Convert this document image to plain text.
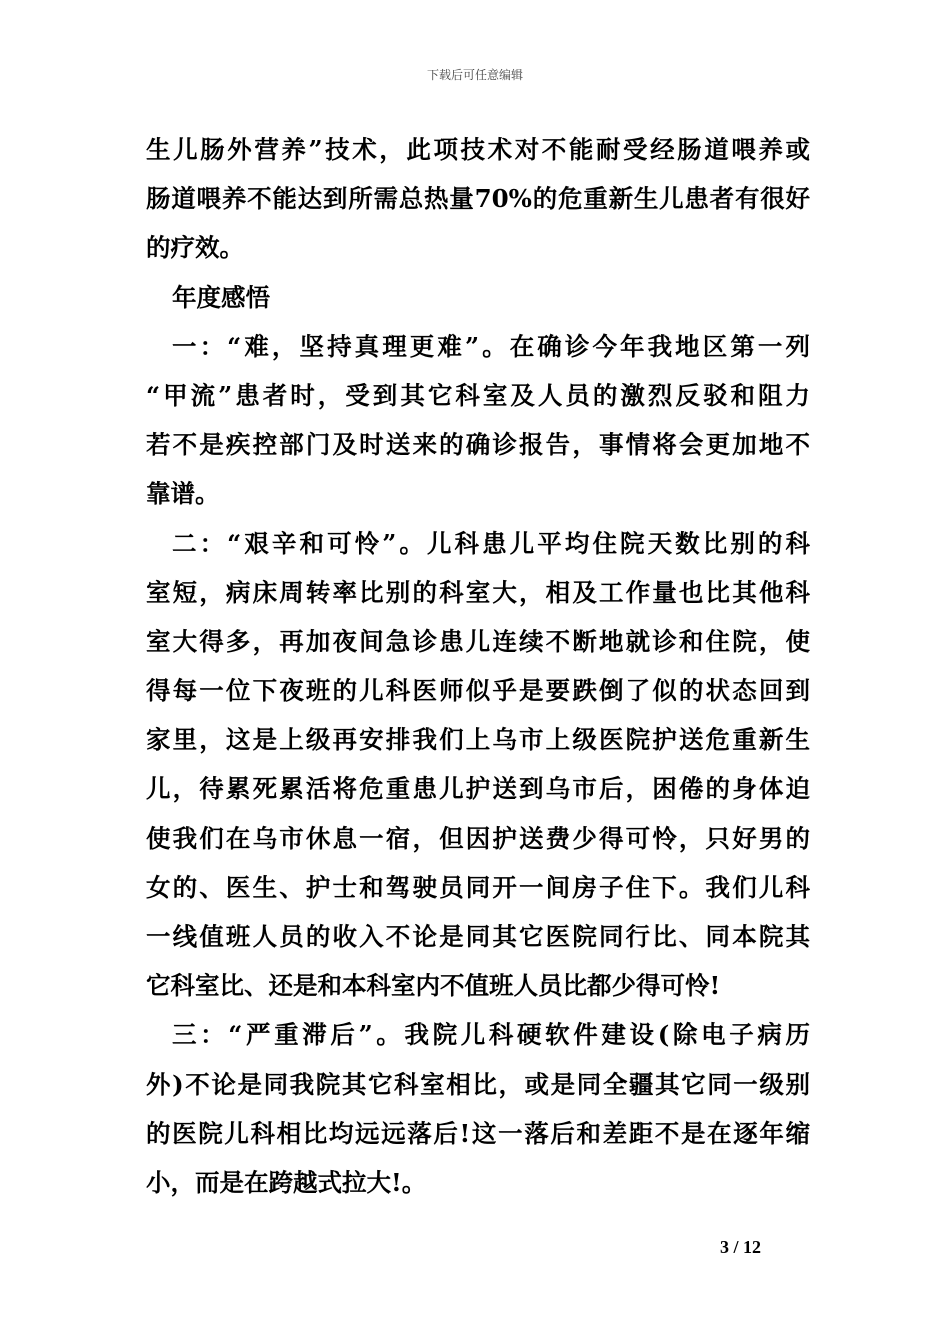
下载后可任意编辑
生儿肠外营养”技术，此项技术对不能耐受经肠道喂养或
肠道喂养不能达到所需总热量70%的危重新生儿患者有很好
的疗效。
年度感悟
一：“难，坚持真理更难”。在确诊今年我地区第一列
“甲流”患者时，受到其它科室及人员的激烈反驳和阻力
若不是疾控部门及时送来的确诊报告，事情将会更加地不
靠谱。
二：“艰辛和可怜”。儿科患儿平均住院天数比别的科
室短，病床周转率比别的科室大，相及工作量也比其他科
室大得多，再加夜间急诊患儿连续不断地就诊和住院，使
得每一位下夜班的儿科医师似乎是要跌倒了似的状态回到
家里，这是上级再安排我们上乌市上级医院护送危重新生
儿，待累死累活将危重患儿护送到乌市后，困倦的身体迫
使我们在乌市休息一宿，但因护送费少得可怜，只好男的
女的、医生、护士和驾驶员同开一间房子住下。我们儿科
一线值班人员的收入不论是同其它医院同行比、同本院其
它科室比、还是和本科室内不值班人员比都少得可怜!
三：“严重滞后”。我院儿科硬软件建设(除电子病历
外)不论是同我院其它科室相比，或是同全疆其它同一级别
的医院儿科相比均远远落后!这一落后和差距不是在逐年缩
小，而是在跨越式拉大!。
3 / 12
